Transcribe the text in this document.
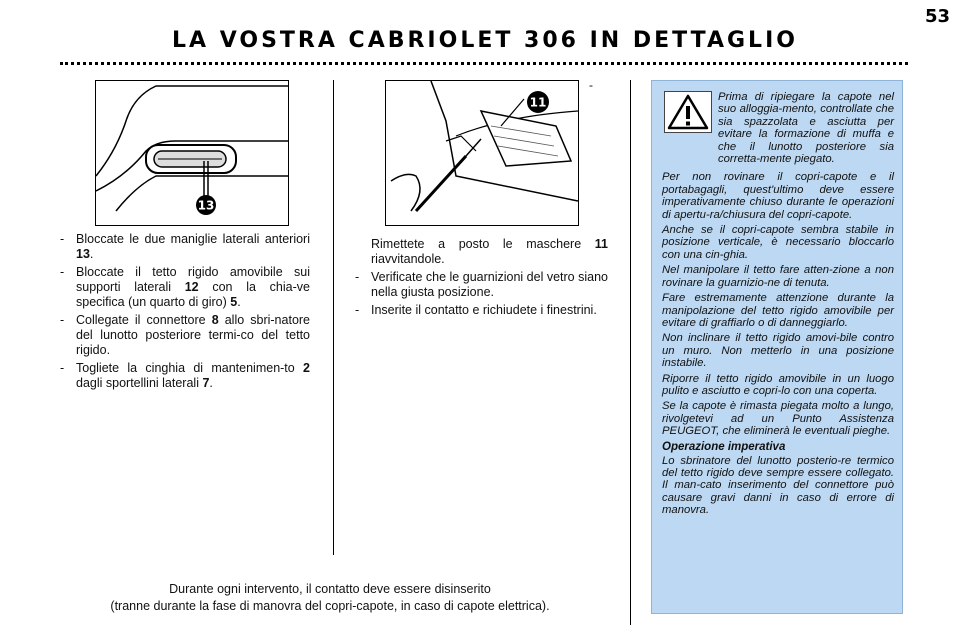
53
LA VOSTRA CABRIOLET 306 IN DETTAGLIO
13
11
-
- Bloccate le due maniglie laterali anteriori 13.
- Bloccate il tetto rigido amovibile sui supporti laterali 12 con la chia-ve specifica (un quarto di giro) 5.
- Collegate il connettore 8 allo sbri-natore del lunotto posteriore termi-co del tetto rigido.
- Togliete la cinghia di mantenimen-to 2 dagli sportellini laterali 7.
Rimettete a posto le maschere 11 riavvitandole.
- Verificate che le guarnizioni del vetro siano nella giusta posizione.
- Inserite il contatto e richiudete i finestrini.
Durante ogni intervento, il contatto deve essere disinserito
(tranne durante la fase di manovra del copri-capote, in caso di capote elettrica).

Prima di ripiegare la capote nel suo alloggia-mento, controllate che sia spazzolata e asciutta per evitare la formazione di muffa e che il lunotto posteriore sia corretta-mente piegato.

Per non rovinare il copri-capote e il portabagagli, quest'ultimo deve essere imperativamente chiuso durante le operazioni di apertu-ra/chiusura del copri-capote.

Anche se il copri-capote sembra stabile in posizione verticale, è necessario bloccarlo con una cin-ghia.

Nel manipolare il tetto fare atten-zione a non rovinare la guarnizio-ne di tenuta.

Fare estremamente attenzione durante la manipolazione del tetto rigido amovibile per evitare di graffiarlo o di danneggiarlo.

Non inclinare il tetto rigido amovi-bile contro un muro. Non metterlo in una posizione instabile.

Riporre il tetto rigido amovibile in un luogo pulito e asciutto e copri-lo con una coperta.

Se la capote è rimasta piegata molto a lungo, rivolgetevi ad un Punto Assistenza PEUGEOT, che eliminerà le eventuali pieghe.

Operazione imperativa

Lo sbrinatore del lunotto posterio-re termico del tetto rigido deve sempre essere collegato. Il man-cato inserimento del connettore può causare gravi danni in caso di errore di manovra.
